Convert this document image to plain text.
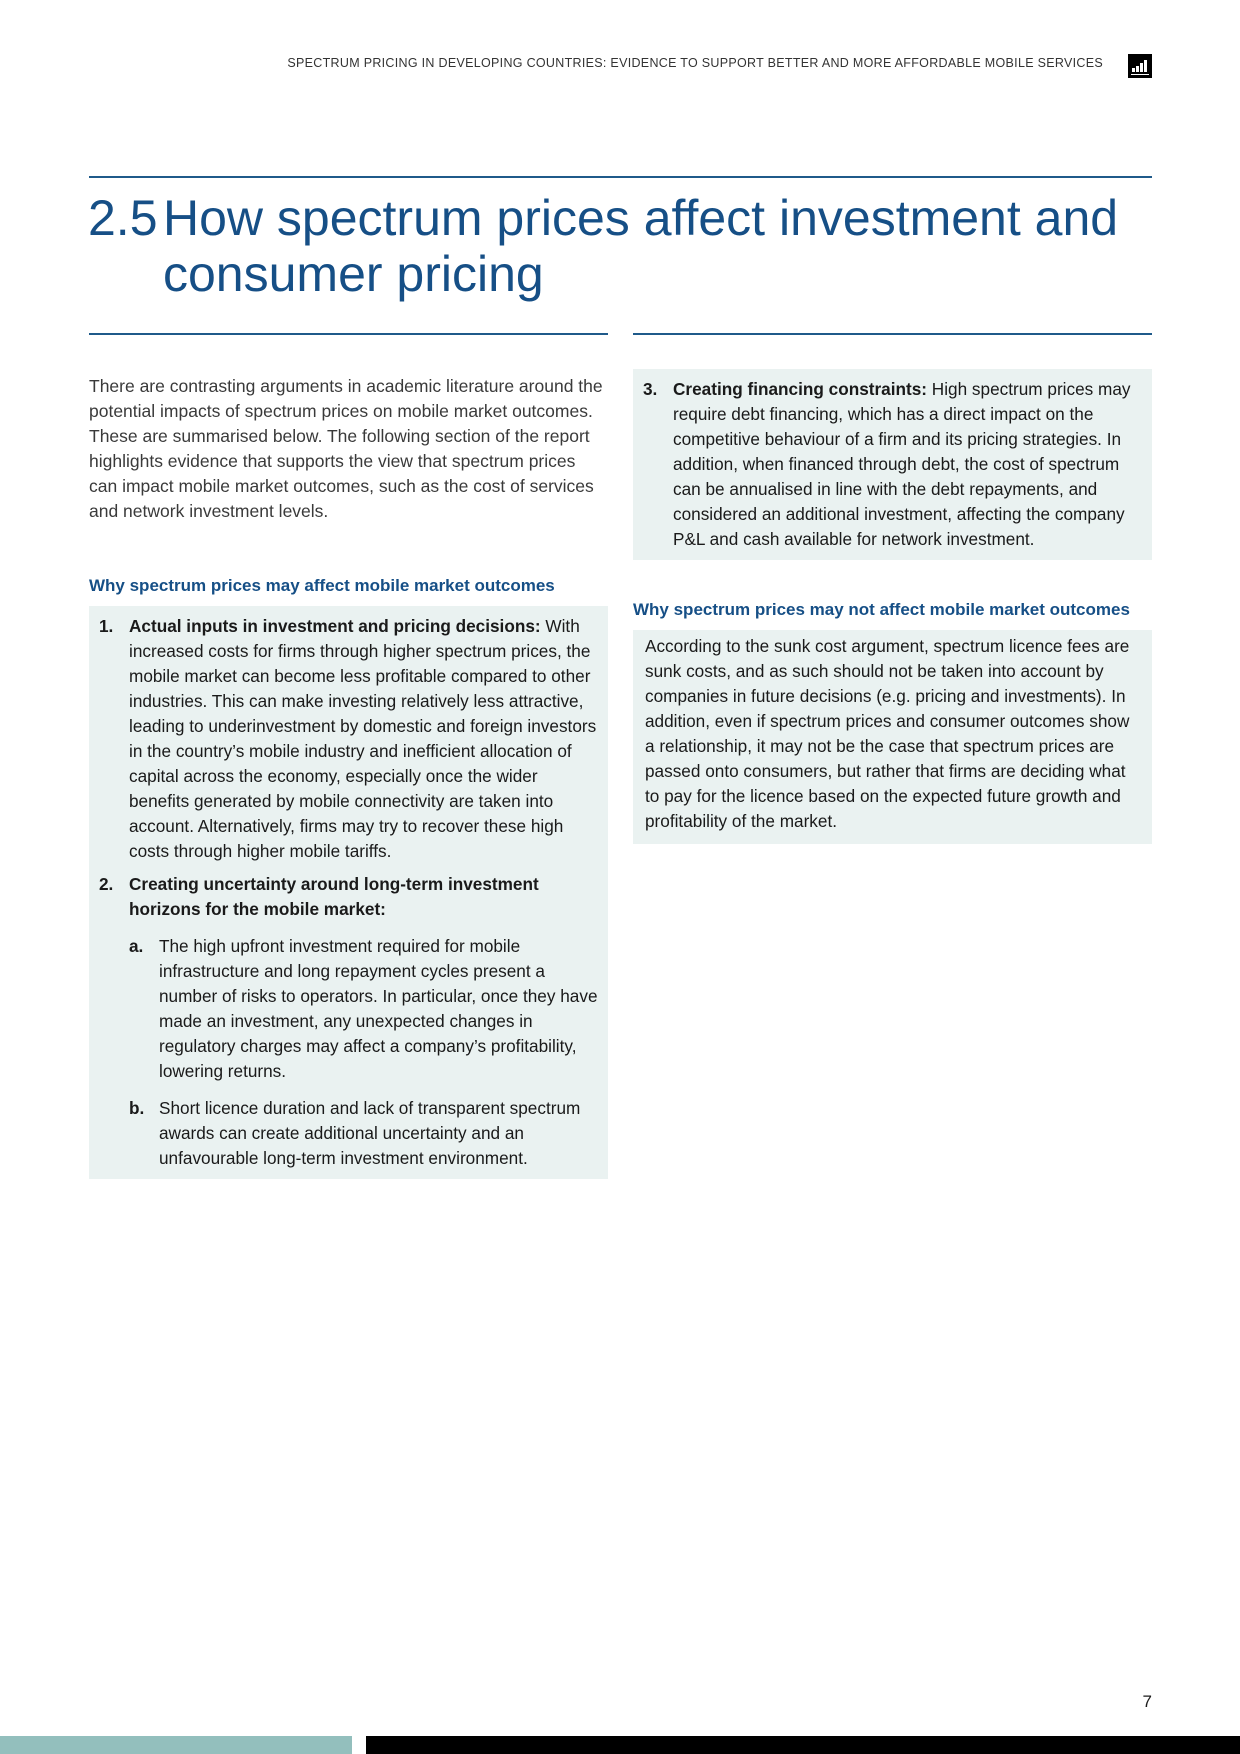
SPECTRUM PRICING IN DEVELOPING COUNTRIES: EVIDENCE TO SUPPORT BETTER AND MORE AFFORDABLE MOBILE SERVICES
2.5 How spectrum prices affect investment and consumer pricing

There are contrasting arguments in academic literature around the potential impacts of spectrum prices on mobile market outcomes. These are summarised below. The following section of the report highlights evidence that supports the view that spectrum prices can impact mobile market outcomes, such as the cost of services and network investment levels.

Why spectrum prices may affect mobile market outcomes
1. Actual inputs in investment and pricing decisions: With increased costs for firms through higher spectrum prices, the mobile market can become less profitable compared to other industries. This can make investing relatively less attractive, leading to underinvestment by domestic and foreign investors in the country’s mobile industry and inefficient allocation of capital across the economy, especially once the wider benefits generated by mobile connectivity are taken into account. Alternatively, firms may try to recover these high costs through higher mobile tariffs.
2. Creating uncertainty around long-term investment horizons for the mobile market:
a. The high upfront investment required for mobile infrastructure and long repayment cycles present a number of risks to operators. In particular, once they have made an investment, any unexpected changes in regulatory charges may affect a company’s profitability, lowering returns.
b. Short licence duration and lack of transparent spectrum awards can create additional uncertainty and an unfavourable long-term investment environment.
3. Creating financing constraints: High spectrum prices may require debt financing, which has a direct impact on the competitive behaviour of a firm and its pricing strategies. In addition, when financed through debt, the cost of spectrum can be annualised in line with the debt repayments, and considered an additional investment, affecting the company P&L and cash available for network investment.
Why spectrum prices may not affect mobile market outcomes

According to the sunk cost argument, spectrum licence fees are sunk costs, and as such should not be taken into account by companies in future decisions (e.g. pricing and investments). In addition, even if spectrum prices and consumer outcomes show a relationship, it may not be the case that spectrum prices are passed onto consumers, but rather that firms are deciding what to pay for the licence based on the expected future growth and profitability of the market.

7
